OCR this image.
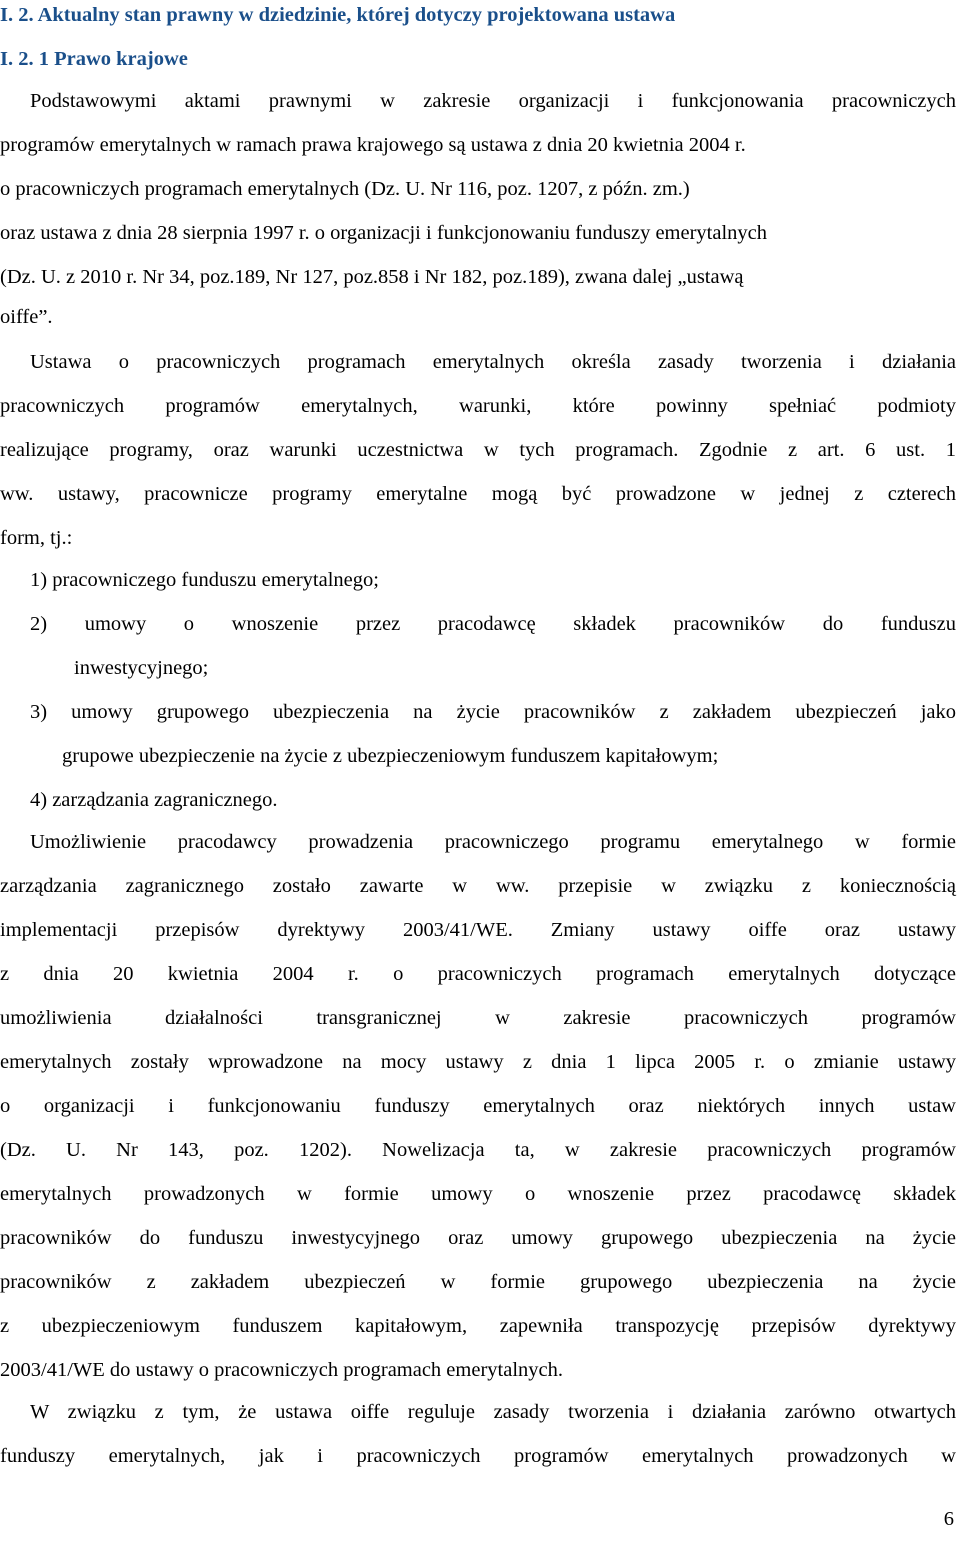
I. 2. Aktualny stan prawny w dziedzinie, której dotyczy projektowana ustawa
I. 2. 1 Prawo krajowe
Podstawowymi aktami prawnymi w zakresie organizacji i funkcjonowania pracowniczych
programów emerytalnych w ramach prawa krajowego są ustawa z dnia 20 kwietnia 2004 r.
o pracowniczych programach emerytalnych (Dz. U. Nr 116, poz. 1207, z późn. zm.)
oraz ustawa z dnia 28 sierpnia 1997 r. o organizacji i funkcjonowaniu funduszy emerytalnych
(Dz. U. z 2010 r. Nr 34, poz.189, Nr 127, poz.858 i Nr 182, poz.189), zwana dalej „ustawą
oiffe”.
Ustawa o pracowniczych programach emerytalnych określa zasady tworzenia i działania
pracowniczych programów emerytalnych, warunki, które powinny spełniać podmioty
realizujące programy, oraz warunki uczestnictwa w tych programach. Zgodnie z art. 6 ust. 1
ww. ustawy, pracownicze programy emerytalne mogą być prowadzone w jednej z czterech
form, tj.:
1) pracowniczego funduszu emerytalnego;
2) umowy o wnoszenie przez pracodawcę składek pracowników do funduszu
inwestycyjnego;
3) umowy grupowego ubezpieczenia na życie pracowników z zakładem ubezpieczeń jako
grupowe ubezpieczenie na życie z ubezpieczeniowym funduszem kapitałowym;
4) zarządzania zagranicznego.
Umożliwienie pracodawcy prowadzenia pracowniczego programu emerytalnego w formie
zarządzania zagranicznego zostało zawarte w ww. przepisie w związku z koniecznością
implementacji przepisów dyrektywy 2003/41/WE. Zmiany ustawy oiffe oraz ustawy
z dnia 20 kwietnia 2004 r. o pracowniczych programach emerytalnych dotyczące
umożliwienia działalności transgranicznej w zakresie pracowniczych programów
emerytalnych zostały wprowadzone na mocy ustawy z dnia 1 lipca 2005 r. o zmianie ustawy
o organizacji i funkcjonowaniu funduszy emerytalnych oraz niektórych innych ustaw
(Dz. U. Nr 143, poz. 1202). Nowelizacja ta, w zakresie pracowniczych programów
emerytalnych prowadzonych w formie umowy o wnoszenie przez pracodawcę składek
pracowników do funduszu inwestycyjnego oraz umowy grupowego ubezpieczenia na życie
pracowników z zakładem ubezpieczeń w formie grupowego ubezpieczenia na życie
z ubezpieczeniowym funduszem kapitałowym, zapewniła transpozycję przepisów dyrektywy
2003/41/WE do ustawy o pracowniczych programach emerytalnych.
W związku z tym, że ustawa oiffe reguluje zasady tworzenia i działania zarówno otwartych
funduszy emerytalnych, jak i pracowniczych programów emerytalnych prowadzonych w
6
